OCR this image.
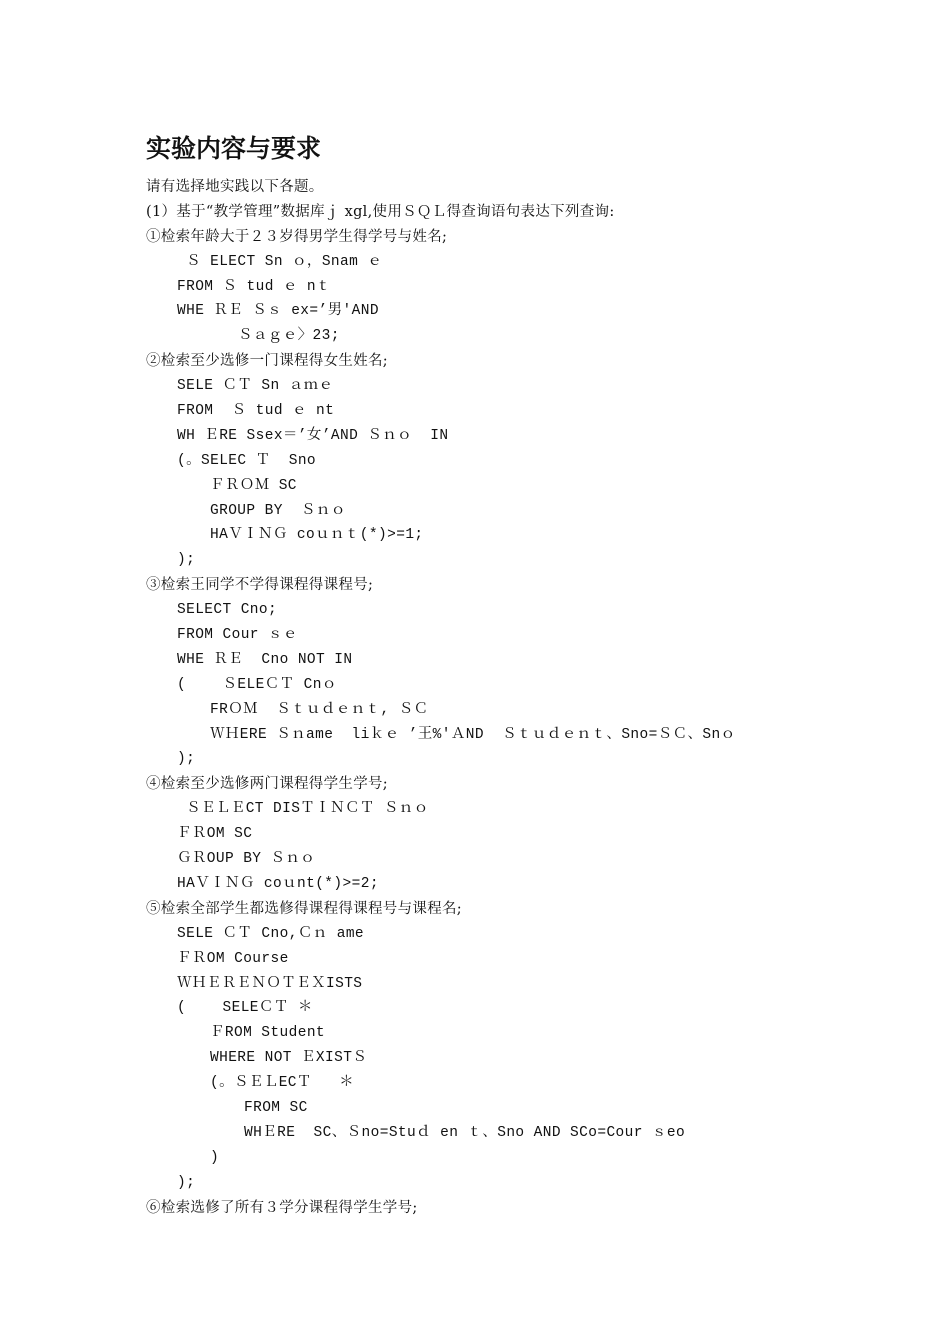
实验内容与要求
请有选择地实践以下各题。
(1）基于“教学管理”数据库ｊ xgl,使用ＳＱＬ得查询语句表达下列查询:
①检索年龄大于２３岁得男学生得学号与姓名;
Ｓ ELECT Sn ｏ，Snam ｅ
FROM Ｓ tud ｅ nｔ
WHE ＲＥ Ｓｓ ex=’男'AND
Ｓａｇｅ〉23;
②检索至少选修一门课程得女生姓名;
SELE ＣＴ Sn ａｍｅ
FROM  Ｓ tud ｅ nt
WH ＥRE Ssex＝’女’AND Ｓｎｏ  IN
(。SELEC Ｔ  Sno
ＦＲＯＭ SC
GROUP BY  Ｓｎｏ
HAＶＩＮＧ coｕｎｔ(*)>=1;
);
③检索王同学不学得课程得课程号;
SELECT Cno;
FROM Cour ｓｅ
WHE ＲＥ  Cno NOT IN
(    ＳELEＣＴ Cnｏ
FRＯＭ  Ｓｔｕｄｅｎｔ, ＳＣ
ＷＨERE Ｓｎame  liｋｅ ’王%'ＡND  Ｓｔｕｄｅｎｔ、Sno=ＳＣ、Snｏ
);
④检索至少选修两门课程得学生学号;
ＳＥＬＥCT DISＴＩＮＣＴ Ｓｎｏ
ＦＲOM SC
ＧＲOUP BY Ｓｎｏ
HAＶＩＮＧ coｕnt(*)>=2;
⑤检索全部学生都选修得课程得课程号与课程名;
SELE ＣＴ Cno,Ｃｎ ame
ＦＲOM Course
ＷＨＥＲＥＮＯＴＥＸISTS
(    SELEＣＴ ＊
ＦROM Student
WHERE NOT ＥXISTＳ
(。ＳＥＬECＴ   ＊
FROM SC
WHＥRE  SC、Ｓno=Stuｄ en ｔ、Sno AND SCo=Cour ｓeo
)
);
⑥检索选修了所有３学分课程得学生学号;
